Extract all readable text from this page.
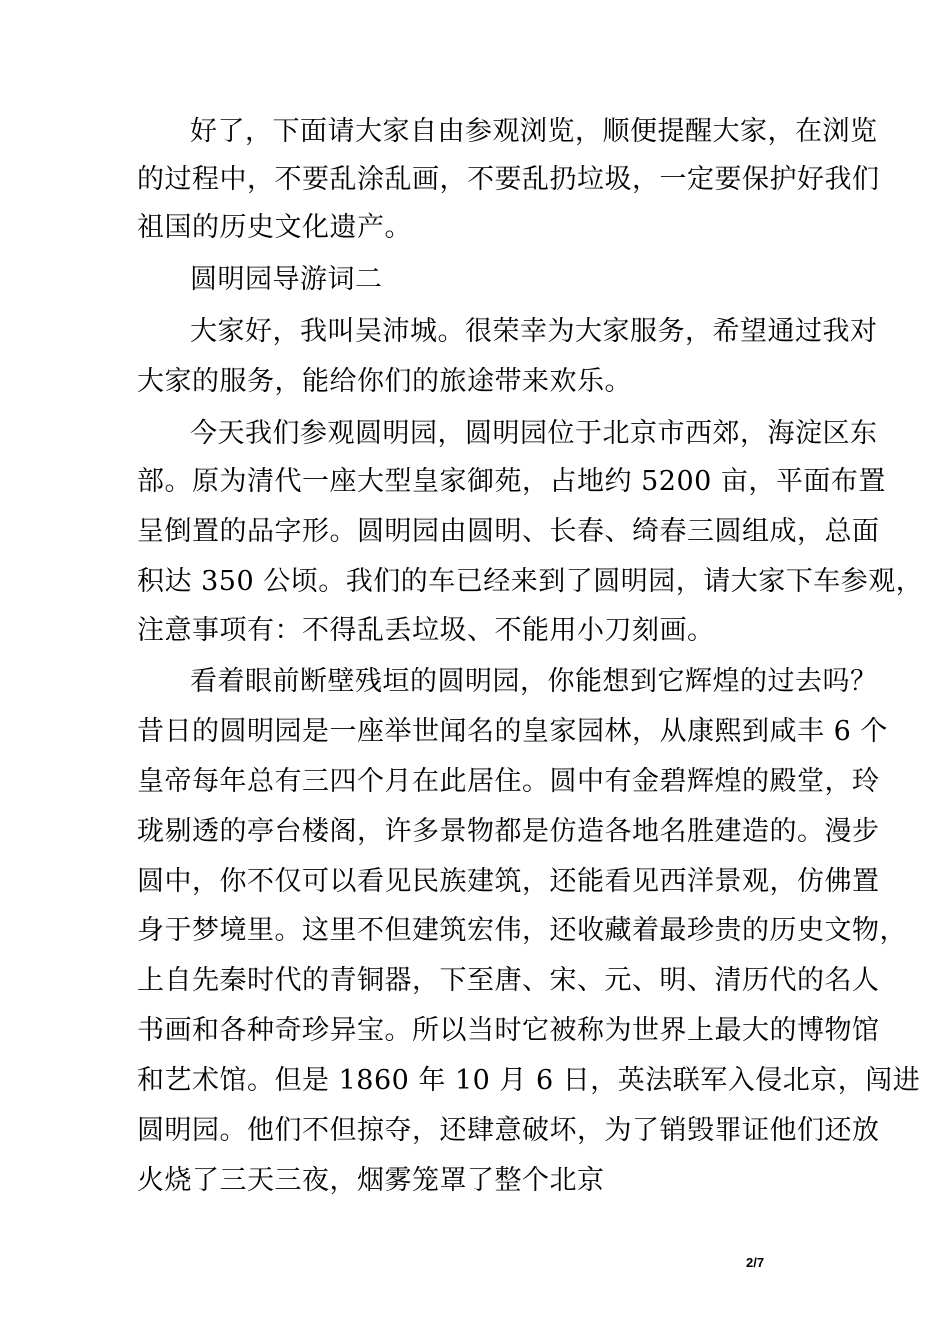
好了，下面请大家自由参观浏览，顺便提醒大家，在浏览
的过程中，不要乱涂乱画，不要乱扔垃圾，一定要保护好我们
祖国的历史文化遗产。
圆明园导游词二
大家好，我叫吴沛城。很荣幸为大家服务，希望通过我对
大家的服务，能给你们的旅途带来欢乐。
今天我们参观圆明园，圆明园位于北京市西郊，海淀区东
部。原为清代一座大型皇家御苑，占地约 5200 亩，平面布置
呈倒置的品字形。圆明园由圆明、长春、绮春三圆组成，总面
积达 350 公顷。我们的车已经来到了圆明园，请大家下车参观，
注意事项有：不得乱丢垃圾、不能用小刀刻画。
看着眼前断壁残垣的圆明园，你能想到它辉煌的过去吗？
昔日的圆明园是一座举世闻名的皇家园林，从康熙到咸丰 6 个
皇帝每年总有三四个月在此居住。圆中有金碧辉煌的殿堂，玲
珑剔透的亭台楼阁，许多景物都是仿造各地名胜建造的。漫步
圆中，你不仅可以看见民族建筑，还能看见西洋景观，仿佛置
身于梦境里。这里不但建筑宏伟，还收藏着最珍贵的历史文物，
上自先秦时代的青铜器，下至唐、宋、元、明、清历代的名人
书画和各种奇珍异宝。所以当时它被称为世界上最大的博物馆
和艺术馆。但是 1860 年 10 月 6 日，英法联军入侵北京，闯进
圆明园。他们不但掠夺，还肆意破坏，为了销毁罪证他们还放
火烧了三天三夜，烟雾笼罩了整个北京
2/7
